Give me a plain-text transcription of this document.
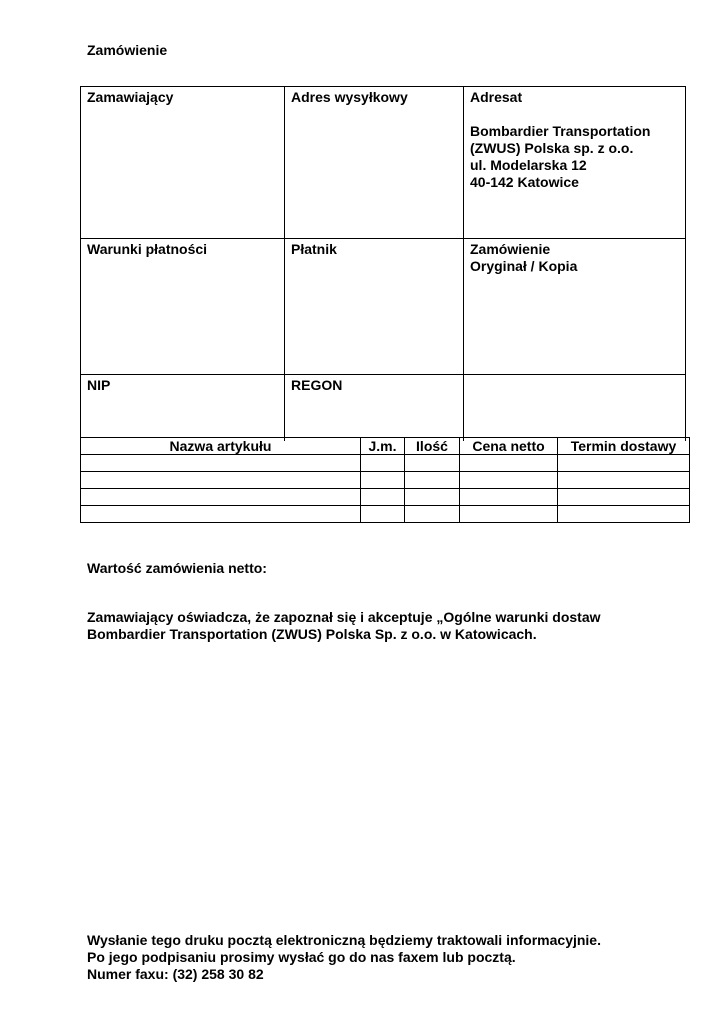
Zamówienie
Zamawiający	Adres wysyłkowy	Adresat
Bombardier Transportation
(ZWUS) Polska sp. z o.o.
ul. Modelarska 12
40-142 Katowice

Warunki płatności	Płatnik	Zamówienie
Oryginał / Kopia

NIP	REGON	
Nazwa artykułu	J.m.	Ilość	Cena netto	Termin dostawy

Wartość zamówienia netto:
Zamawiający oświadcza, że zapoznał się i akceptuje „Ogólne warunki dostaw
Bombardier Transportation (ZWUS) Polska Sp. z o.o. w Katowicach.
Wysłanie tego druku pocztą elektroniczną będziemy traktowali informacyjnie.
Po jego podpisaniu prosimy wysłać go do nas faxem lub pocztą.
Numer faxu: (32) 258 30 82
